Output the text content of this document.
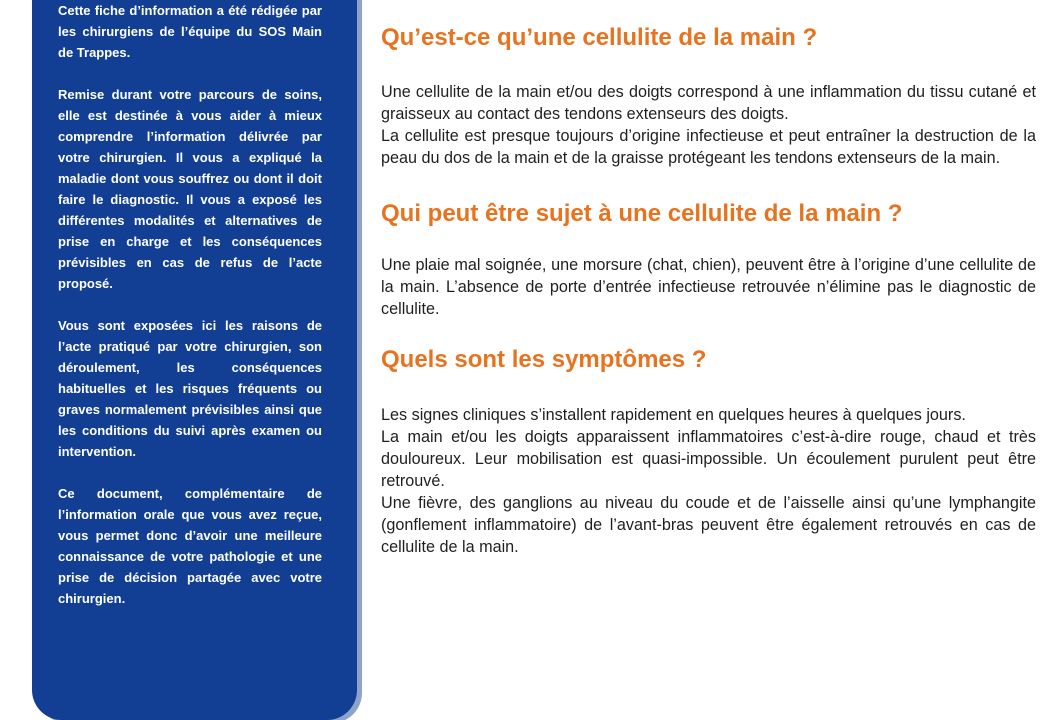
Cette fiche d’information a été rédigée par les chirurgiens de l’équipe du SOS Main de Trappes.

Remise durant votre parcours de soins, elle est destinée à vous aider à mieux comprendre l’information délivrée par votre chirurgien. Il vous a expliqué la maladie dont vous souffrez ou dont il doit faire le diagnostic. Il vous a exposé les différentes modalités et alternatives de prise en charge et les conséquences prévisibles en cas de refus de l’acte proposé.

Vous sont exposées ici les raisons de l’acte pratiqué par votre chirurgien, son déroulement, les conséquences habituelles et les risques fréquents ou graves normalement prévisibles ainsi que les conditions du suivi après examen ou intervention.

Ce document, complémentaire de l’information orale que vous avez reçue, vous permet donc d’avoir une meilleure connaissance de votre pathologie et une prise de décision partagée avec votre chirurgien.

Qu’est-ce qu’une cellulite de la main ?

Une cellulite de la main et/ou des doigts correspond à une inflammation du tissu cutané et graisseux au contact des tendons extenseurs des doigts.

La cellulite est presque toujours d’origine infectieuse et peut entraîner la destruction de la peau du dos de la main et de la graisse protégeant les tendons extenseurs de la main.

Qui peut être sujet à une cellulite de la main ?

Une plaie mal soignée, une morsure (chat, chien), peuvent être à l’origine d’une cellulite de la main. L’absence de porte d’entrée infectieuse retrouvée n’élimine pas le diagnostic de cellulite.

Quels sont les symptômes ?

Les signes cliniques s’installent rapidement en quelques heures à quelques jours.

La main et/ou les doigts apparaissent inflammatoires c’est-à-dire rouge, chaud et très douloureux. Leur mobilisation est quasi-impossible. Un écoulement purulent peut être retrouvé.

Une fièvre, des ganglions au niveau du coude et de l’aisselle ainsi qu’une lymphangite (gonflement inflammatoire) de l’avant-bras peuvent être également retrouvés en cas de cellulite de la main.
